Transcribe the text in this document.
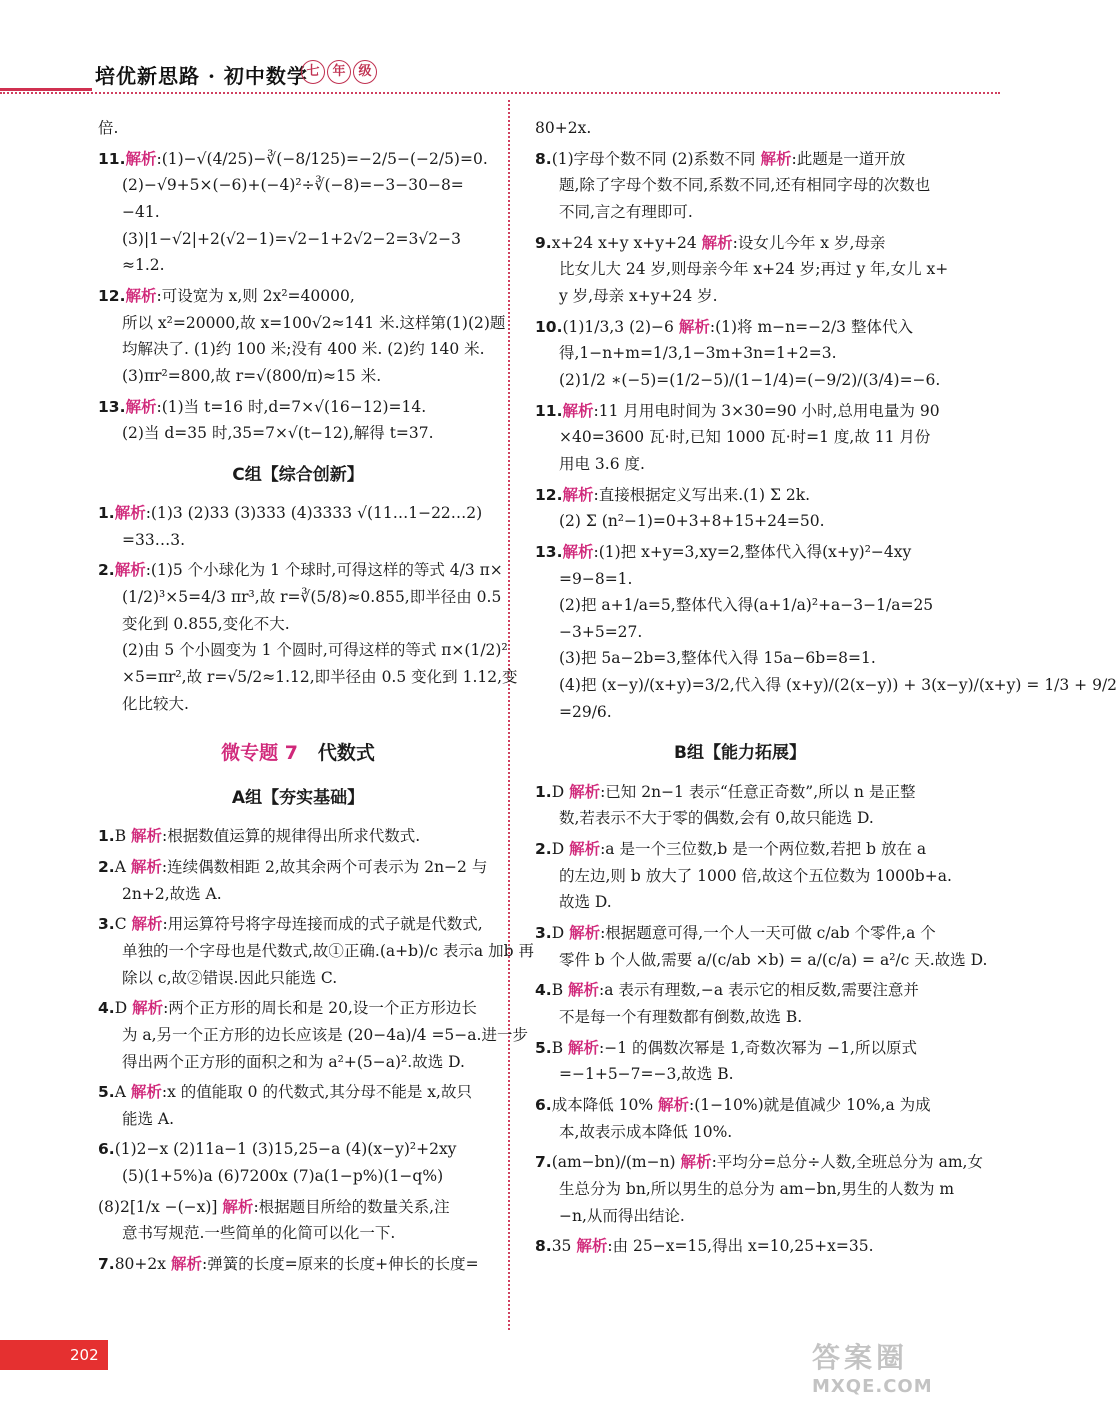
培优新思路 · 初中数学
七 年 级
倍.
11.解析:(1)−√(4/25)−∛(−8/125)=−2/5−(−2/5)=0.
(2)−√9+5×(−6)+(−4)²÷∛(−8)=−3−30−8=
−41.
(3)|1−√2|+2(√2−1)=√2−1+2√2−2=3√2−3
≈1.2.
12.解析:可设宽为 x,则 2x²=40000,
所以 x²=20000,故 x=100√2≈141 米.这样第(1)(2)题
均解决了. (1)约 100 米;没有 400 米. (2)约 140 米.
(3)πr²=800,故 r=√(800/π)≈15 米.
13.解析:(1)当 t=16 时,d=7×√(16−12)=14.
(2)当 d=35 时,35=7×√(t−12),解得 t=37.
C组【综合创新】
1.解析:(1)3 (2)33 (3)333 (4)3333 √(11…1−22…2)
=33…3.
2.解析:(1)5 个小球化为 1 个球时,可得这样的等式 4/3 π×
(1/2)³×5=4/3 πr³,故 r=∛(5/8)≈0.855,即半径由 0.5
变化到 0.855,变化不大.
(2)由 5 个小圆变为 1 个圆时,可得这样的等式 π×(1/2)²
×5=πr²,故 r=√5/2≈1.12,即半径由 0.5 变化到 1.12,变
化比较大.
微专题 7 代数式
A组【夯实基础】
1.B 解析:根据数值运算的规律得出所求代数式.
2.A 解析:连续偶数相距 2,故其余两个可表示为 2n−2 与
2n+2,故选 A.
3.C 解析:用运算符号将字母连接而成的式子就是代数式,
单独的一个字母也是代数式,故①正确.(a+b)/c 表示a 加b 再
除以 c,故②错误.因此只能选 C.
4.D 解析:两个正方形的周长和是 20,设一个正方形边长
为 a,另一个正方形的边长应该是 (20−4a)/4 =5−a.进一步
得出两个正方形的面积之和为 a²+(5−a)².故选 D.
5.A 解析:x 的值能取 0 的代数式,其分母不能是 x,故只
能选 A.
6.(1)2−x (2)11a−1 (3)15,25−a (4)(x−y)²+2xy
(5)(1+5%)a (6)7200x (7)a(1−p%)(1−q%)
(8)2[1/x −(−x)] 解析:根据题目所给的数量关系,注
意书写规范.一些简单的化简可以化一下.
7.80+2x 解析:弹簧的长度=原来的长度+伸长的长度=
80+2x.
8.(1)字母个数不同 (2)系数不同 解析:此题是一道开放
题,除了字母个数不同,系数不同,还有相同字母的次数也
不同,言之有理即可.
9.x+24 x+y x+y+24 解析:设女儿今年 x 岁,母亲
比女儿大 24 岁,则母亲今年 x+24 岁;再过 y 年,女儿 x+
y 岁,母亲 x+y+24 岁.
10.(1)1/3,3 (2)−6 解析:(1)将 m−n=−2/3 整体代入
得,1−n+m=1/3,1−3m+3n=1+2=3.
(2)1/2 ∗(−5)=(1/2−5)/(1−1/4)=(−9/2)/(3/4)=−6.
11.解析:11 月用电时间为 3×30=90 小时,总用电量为 90
×40=3600 瓦·时,已知 1000 瓦·时=1 度,故 11 月份
用电 3.6 度.
12.解析:直接根据定义写出来.(1) Σ 2k.
(2) Σ (n²−1)=0+3+8+15+24=50.
13.解析:(1)把 x+y=3,xy=2,整体代入得(x+y)²−4xy
=9−8=1.
(2)把 a+1/a=5,整体代入得(a+1/a)²+a−3−1/a=25
−3+5=27.
(3)把 5a−2b=3,整体代入得 15a−6b=8=1.
(4)把 (x−y)/(x+y)=3/2,代入得 (x+y)/(2(x−y)) + 3(x−y)/(x+y) = 1/3 + 9/2
=29/6.
B组【能力拓展】
1.D 解析:已知 2n−1 表示“任意正奇数”,所以 n 是正整
数,若表示不大于零的偶数,会有 0,故只能选 D.
2.D 解析:a 是一个三位数,b 是一个两位数,若把 b 放在 a
的左边,则 b 放大了 1000 倍,故这个五位数为 1000b+a.
故选 D.
3.D 解析:根据题意可得,一个人一天可做 c/ab 个零件,a 个
零件 b 个人做,需要 a/(c/ab ×b) = a/(c/a) = a²/c 天.故选 D.
4.B 解析:a 表示有理数,−a 表示它的相反数,需要注意并
不是每一个有理数都有倒数,故选 B.
5.B 解析:−1 的偶数次幂是 1,奇数次幂为 −1,所以原式
=−1+5−7=−3,故选 B.
6.成本降低 10% 解析:(1−10%)就是值减少 10%,a 为成
本,故表示成本降低 10%.
7.(am−bn)/(m−n) 解析:平均分=总分÷人数,全班总分为 am,女
生总分为 bn,所以男生的总分为 am−bn,男生的人数为 m
−n,从而得出结论.
8.35 解析:由 25−x=15,得出 x=10,25+x=35.
202	答案圈
MXQE.COM
